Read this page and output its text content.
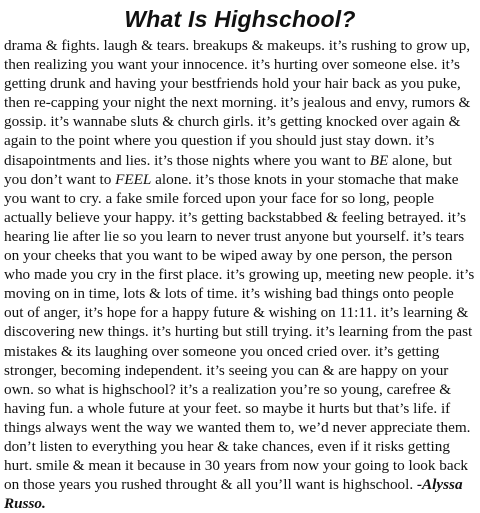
What Is Highschool?

drama & fights. laugh & tears. breakups & makeups. it’s rushing to grow up, then realizing you want your innocence. it’s hurting over someone else. it’s getting drunk and having your bestfriends hold your hair back as you puke, then re-capping your night the next morning. it’s jealous and envy, rumors & gossip. it’s wannabe sluts & church girls. it’s getting knocked over again & again to the point where you question if you should just stay down. it’s disapointments and lies. it’s those nights where you want to BE alone, but you don’t want to FEEL alone. it’s those knots in your stomache that make you want to cry. a fake smile forced upon your face for so long, people actually believe your happy. it’s getting backstabbed & feeling betrayed. it’s hearing lie after lie so you learn to never trust anyone but yourself. it’s tears on your cheeks that you want to be wiped away by one person, the person who made you cry in the first place. it’s growing up, meeting new people. it’s moving on in time, lots & lots of time. it’s wishing bad things onto people out of anger, it’s hope for a happy future & wishing on 11:11. it’s learning & discovering new things. it’s hurting but still trying. it’s learning from the past mistakes & its laughing over someone you onced cried over. it’s getting stronger, becoming independent. it’s seeing you can & are happy on your own. so what is highschool? it’s a realization you’re so young, carefree & having fun. a whole future at your feet. so maybe it hurts but that’s life. if things always went the way we wanted them to, we’d never appreciate them. don’t listen to everything you hear & take chances, even if it risks getting hurt. smile & mean it because in 30 years from now your going to look back on those years you rushed throught & all you’ll want is highschool. -Alyssa Russo.
